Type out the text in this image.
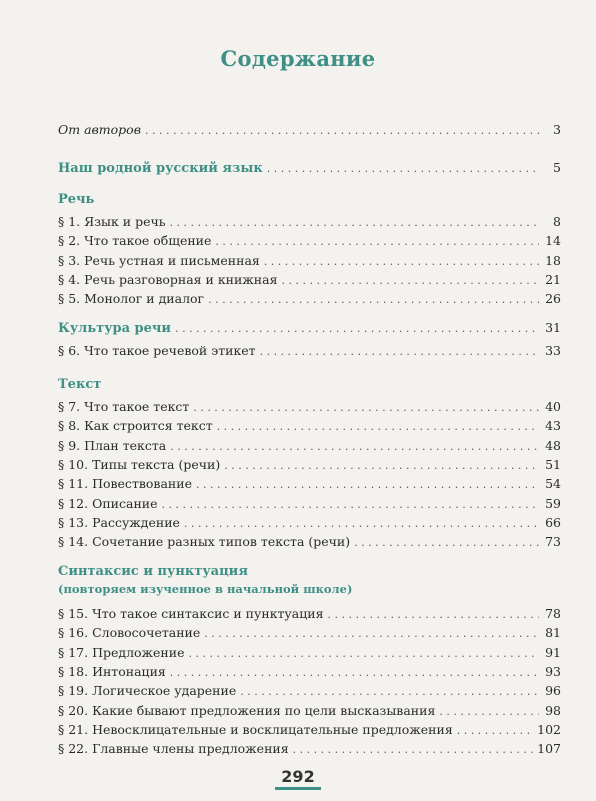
Содержание
От авторов . . .	3
Наш родной русский язык . . .	5
Речь
§ 1. Язык и речь . . .	8
§ 2. Что такое общение . . .	14
§ 3. Речь устная и письменная . . .	18
§ 4. Речь разговорная и книжная . . .	21
§ 5. Монолог и диалог . . .	26
Культура речи . . .	31
§ 6. Что такое речевой этикет . . .	33
Текст
§ 7. Что такое текст . . .	40
§ 8. Как строится текст . . .	43
§ 9. План текста . . .	48
§ 10. Типы текста (речи) . . .	51
§ 11. Повествование . . .	54
§ 12. Описание . . .	59
§ 13. Рассуждение . . .	66
§ 14. Сочетание разных типов текста (речи) . . .	73
Синтаксис и пунктуация
(повторяем изученное в начальной школе)
§ 15. Что такое синтаксис и пунктуация . . .	78
§ 16. Словосочетание . . .	81
§ 17. Предложение . . .	91
§ 18. Интонация . . .	93
§ 19. Логическое ударение . . .	96
§ 20. Какие бывают предложения по цели высказывания . . .	98
§ 21. Невосклицательные и восклицательные предложения . . .	102
§ 22. Главные члены предложения . . .	107
292
